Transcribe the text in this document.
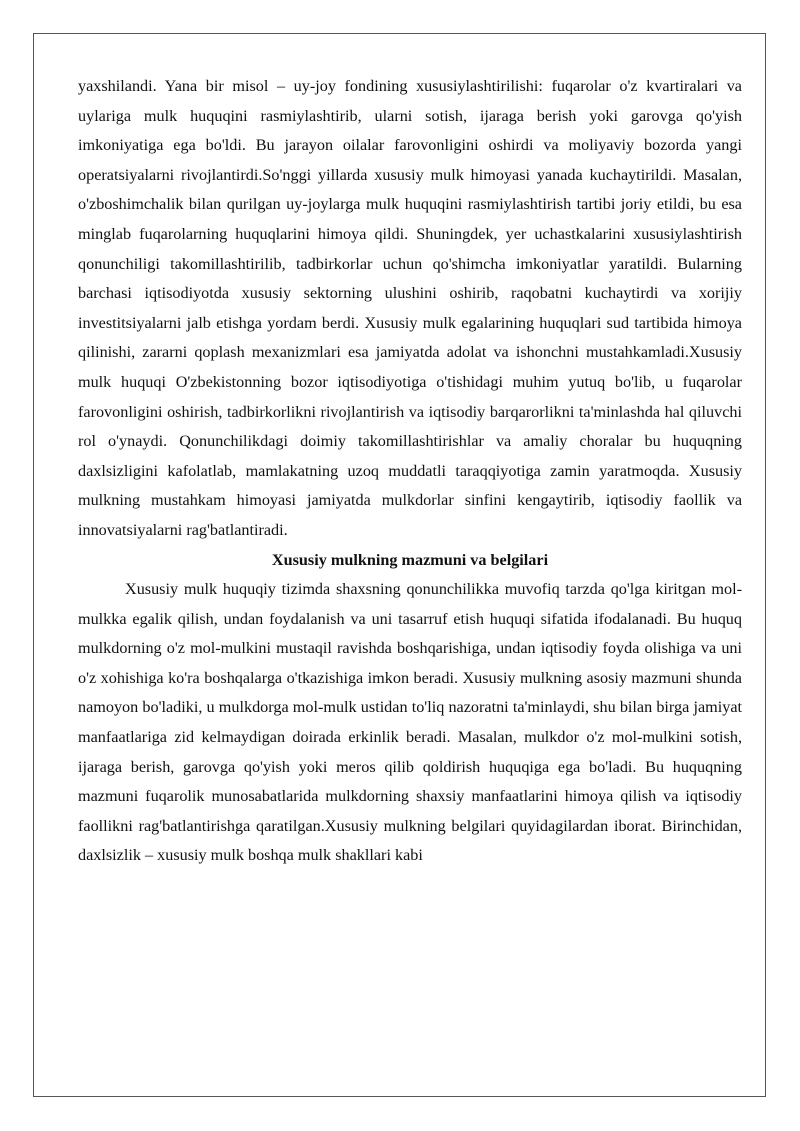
yaxshilandi. Yana bir misol – uy-joy fondining xususiylashtirilishi: fuqarolar o'z kvartiralari va uylariga mulk huquqini rasmiylashtirib, ularni sotish, ijaraga berish yoki garovga qo'yish imkoniyatiga ega bo'ldi. Bu jarayon oilalar farovonligini oshirdi va moliyaviy bozorda yangi operatsiyalarni rivojlantirdi.So'nggi yillarda xususiy mulk himoyasi yanada kuchaytirildi. Masalan, o'zboshimchalik bilan qurilgan uy-joylarga mulk huquqini rasmiylashtirish tartibi joriy etildi, bu esa minglab fuqarolarning huquqlarini himoya qildi. Shuningdek, yer uchastkalarini xususiylashtirish qonunchiligi takomillashtirilib, tadbirkorlar uchun qo'shimcha imkoniyatlar yaratildi. Bularning barchasi iqtisodiyotda xususiy sektorning ulushini oshirib, raqobatni kuchaytirdi va xorijiy investitsiyalarni jalb etishga yordam berdi. Xususiy mulk egalarining huquqlari sud tartibida himoya qilinishi, zararni qoplash mexanizmlari esa jamiyatda adolat va ishonchni mustahkamladi.Xususiy mulk huquqi O'zbekistonning bozor iqtisodiyotiga o'tishidagi muhim yutuq bo'lib, u fuqarolar farovonligini oshirish, tadbirkorlikni rivojlantirish va iqtisodiy barqarorlikni ta'minlashda hal qiluvchi rol o'ynaydi. Qonunchilikdagi doimiy takomillashtirishlar va amaliy choralar bu huquqning daxlsizligini kafolatlab, mamlakatning uzoq muddatli taraqqiyotiga zamin yaratmoqda. Xususiy mulkning mustahkam himoyasi jamiyatda mulkdorlar sinfini kengaytirib, iqtisodiy faollik va innovatsiyalarni rag'batlantiradi.

Xususiy mulkning mazmuni va belgilari

Xususiy mulk huquqiy tizimda shaxsning qonunchilikka muvofiq tarzda qo'lga kiritgan mol-mulkka egalik qilish, undan foydalanish va uni tasarruf etish huquqi sifatida ifodalanadi. Bu huquq mulkdorning o'z mol-mulkini mustaqil ravishda boshqarishiga, undan iqtisodiy foyda olishiga va uni o'z xohishiga ko'ra boshqalarga o'tkazishiga imkon beradi. Xususiy mulkning asosiy mazmuni shunda namoyon bo'ladiki, u mulkdorga mol-mulk ustidan to'liq nazoratni ta'minlaydi, shu bilan birga jamiyat manfaatlariga zid kelmaydigan doirada erkinlik beradi. Masalan, mulkdor o'z mol-mulkini sotish, ijaraga berish, garovga qo'yish yoki meros qilib qoldirish huquqiga ega bo'ladi. Bu huquqning mazmuni fuqarolik munosabatlarida mulkdorning shaxsiy manfaatlarini himoya qilish va iqtisodiy faollikni rag'batlantirishga qaratilgan.Xususiy mulkning belgilari quyidagilardan iborat. Birinchidan, daxlsizlik – xususiy mulk boshqa mulk shakllari kabi
